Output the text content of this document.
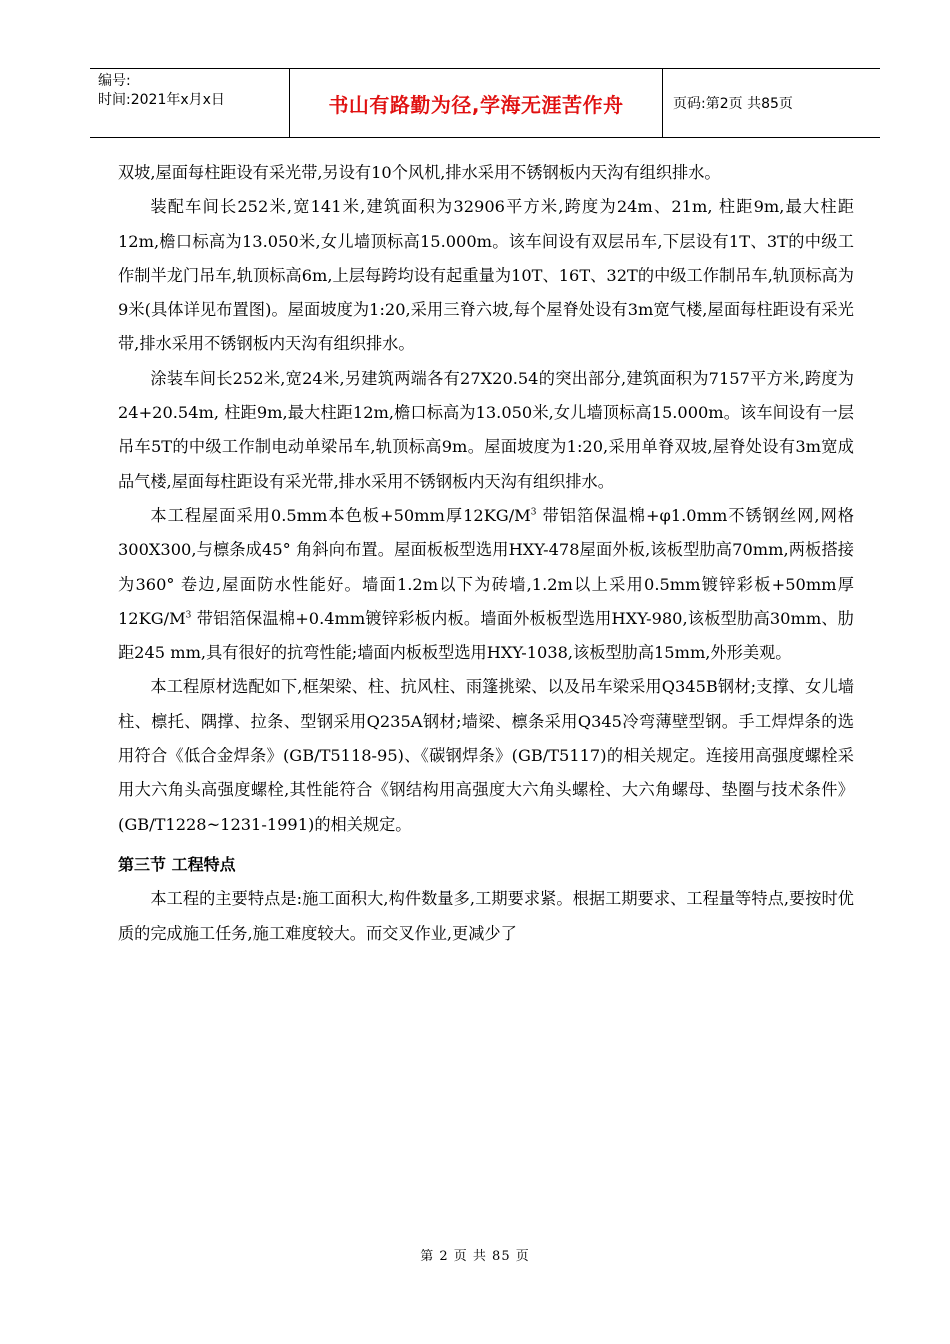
编号:
时间:2021年x月x日	书山有路勤为径,学海无涯苦作舟	页码:第2页 共85页

双坡,屋面每柱距设有采光带,另设有10个风机,排水采用不锈钢板内天沟有组织排水。

装配车间长252米,宽141米,建筑面积为32906平方米,跨度为24m、21m, 柱距9m,最大柱距12m,檐口标高为13.050米,女儿墙顶标高15.000m。该车间设有双层吊车,下层设有1T、3T的中级工作制半龙门吊车,轨顶标高6m,上层每跨均设有起重量为10T、16T、32T的中级工作制吊车,轨顶标高为9米(具体详见布置图)。屋面坡度为1:20,采用三脊六坡,每个屋脊处设有3m宽气楼,屋面每柱距设有采光带,排水采用不锈钢板内天沟有组织排水。

涂装车间长252米,宽24米,另建筑两端各有27X20.54的突出部分,建筑面积为7157平方米,跨度为24+20.54m, 柱距9m,最大柱距12m,檐口标高为13.050米,女儿墙顶标高15.000m。该车间设有一层吊车5T的中级工作制电动单梁吊车,轨顶标高9m。屋面坡度为1:20,采用单脊双坡,屋脊处设有3m宽成品气楼,屋面每柱距设有采光带,排水采用不锈钢板内天沟有组织排水。

本工程屋面采用0.5mm本色板+50mm厚$12KG/M^3$ 带铝箔保温棉+φ1.0mm不锈钢丝网,网格300X300,与檩条成45° 角斜向布置。屋面板板型选用HXY-478屋面外板,该板型肋高70mm,两板搭接为360° 卷边,屋面防水性能好。墙面1.2m以下为砖墙,1.2m以上采用0.5mm镀锌彩板+50mm厚$12KG/M^3$ 带铝箔保温棉+0.4mm镀锌彩板内板。墙面外板板型选用HXY-980,该板型肋高30mm、肋距245 mm,具有很好的抗弯性能;墙面内板板型选用HXY-1038,该板型肋高15mm,外形美观。

本工程原材选配如下,框架梁、柱、抗风柱、雨篷挑梁、以及吊车梁采用Q345B钢材;支撑、女儿墙柱、檩托、隅撑、拉条、型钢采用Q235A钢材;墙梁、檩条采用Q345冷弯薄壁型钢。手工焊焊条的选用符合《低合金焊条》(GB/T5118-95)、《碳钢焊条》(GB/T5117)的相关规定。连接用高强度螺栓采用大六角头高强度螺栓,其性能符合《钢结构用高强度大六角头螺栓、大六角螺母、垫圈与技术条件》(GB/T1228~1231-1991)的相关规定。

第三节 工程特点

本工程的主要特点是:施工面积大,构件数量多,工期要求紧。根据工期要求、工程量等特点,要按时优质的完成施工任务,施工难度较大。而交叉作业,更减少了

第 2 页 共 85 页
